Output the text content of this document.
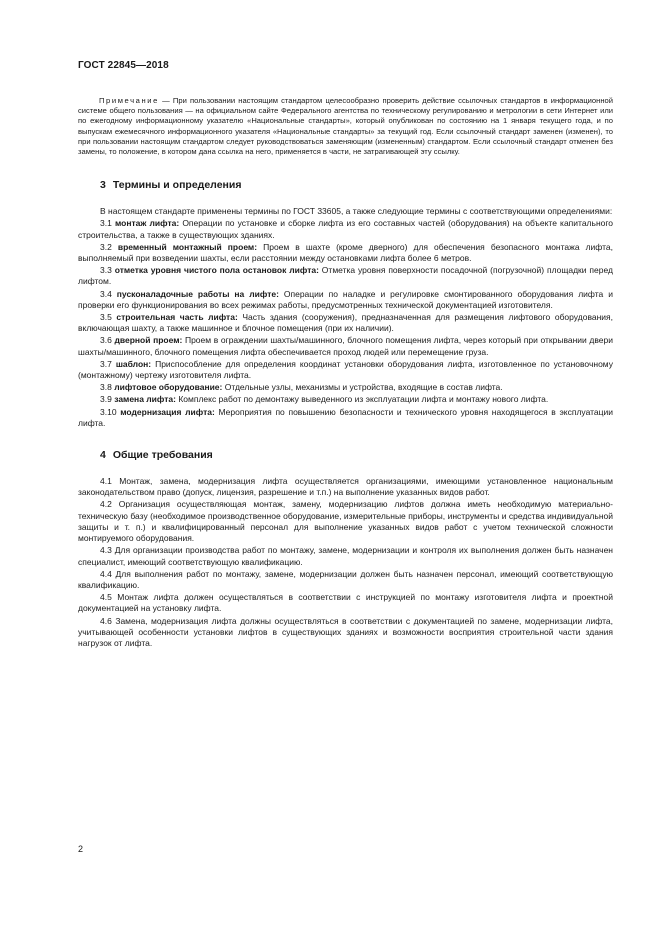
ГОСТ 22845—2018

Примечание — При пользовании настоящим стандартом целесообразно проверить действие ссылочных стандартов в информационной системе общего пользования — на официальном сайте Федерального агентства по техническому регулированию и метрологии в сети Интернет или по ежегодному информационному указателю «Национальные стандарты», который опубликован по состоянию на 1 января текущего года, и по выпускам ежемесячного информационного указателя «Национальные стандарты» за текущий год. Если ссылочный стандарт заменен (изменен), то при пользовании настоящим стандартом следует руководствоваться заменяющим (измененным) стандартом. Если ссылочный стандарт отменен без замены, то положение, в котором дана ссылка на него, применяется в части, не затрагивающей эту ссылку.

3 Термины и определения

В настоящем стандарте применены термины по ГОСТ 33605, а также следующие термины с соответствующими определениями:

3.1 монтаж лифта: Операции по установке и сборке лифта из его составных частей (оборудования) на объекте капитального строительства, а также в существующих зданиях.

3.2 временный монтажный проем: Проем в шахте (кроме дверного) для обеспечения безопасного монтажа лифта, выполняемый при возведении шахты, если расстоянии между остановками лифта более 6 метров.

3.3 отметка уровня чистого пола остановок лифта: Отметка уровня поверхности посадочной (погрузочной) площадки перед лифтом.

3.4 пусконаладочные работы на лифте: Операции по наладке и регулировке смонтированного оборудования лифта и проверки его функционирования во всех режимах работы, предусмотренных технической документацией изготовителя.

3.5 строительная часть лифта: Часть здания (сооружения), предназначенная для размещения лифтового оборудования, включающая шахту, а также машинное и блочное помещения (при их наличии).

3.6 дверной проем: Проем в ограждении шахты/машинного, блочного помещения лифта, через который при открывании двери шахты/машинного, блочного помещения лифта обеспечивается проход людей или перемещение груза.

3.7 шаблон: Приспособление для определения координат установки оборудования лифта, изготовленное по установочному (монтажному) чертежу изготовителя лифта.

3.8 лифтовое оборудование: Отдельные узлы, механизмы и устройства, входящие в состав лифта.

3.9 замена лифта: Комплекс работ по демонтажу выведенного из эксплуатации лифта и монтажу нового лифта.

3.10 модернизация лифта: Мероприятия по повышению безопасности и технического уровня находящегося в эксплуатации лифта.

4 Общие требования

4.1 Монтаж, замена, модернизация лифта осуществляется организациями, имеющими установленное национальным законодательством право (допуск, лицензия, разрешение и т.п.) на выполнение указанных видов работ.

4.2 Организация осуществляющая монтаж, замену, модернизацию лифтов должна иметь необходимую материально-техническую базу (необходимое производственное оборудование, измерительные приборы, инструменты и средства индивидуальной защиты и т. п.) и квалифицированный персонал для выполнение указанных видов работ с учетом технической сложности монтируемого оборудования.

4.3 Для организации производства работ по монтажу, замене, модернизации и контроля их выполнения должен быть назначен специалист, имеющий соответствующую квалификацию.

4.4 Для выполнения работ по монтажу, замене, модернизации должен быть назначен персонал, имеющий соответствующую квалификацию.

4.5 Монтаж лифта должен осуществляться в соответствии с инструкцией по монтажу изготовителя лифта и проектной документацией на установку лифта.

4.6 Замена, модернизация лифта должны осуществляться в соответствии с документацией по замене, модернизации лифта, учитывающей особенности установки лифтов в существующих зданиях и возможности восприятия строительной части здания нагрузок от лифта.

2
